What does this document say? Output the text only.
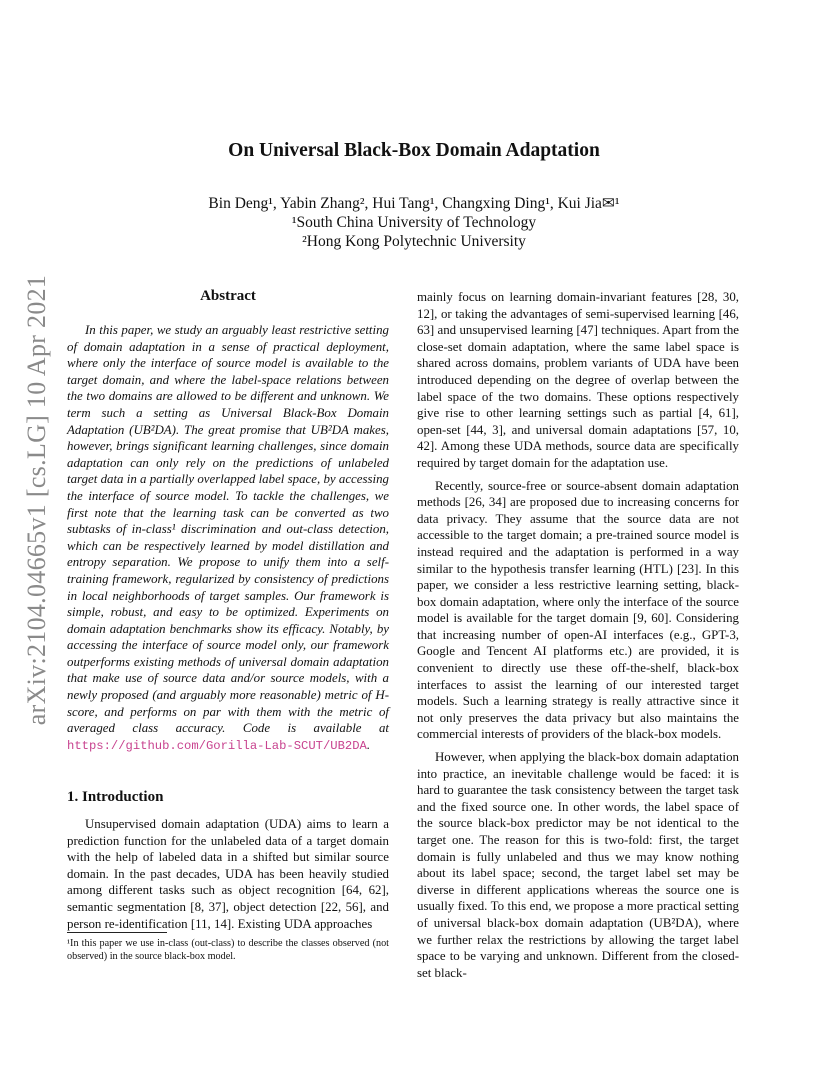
arXiv:2104.04665v1 [cs.LG] 10 Apr 2021
On Universal Black-Box Domain Adaptation
Bin Deng¹, Yabin Zhang², Hui Tang¹, Changxing Ding¹, Kui Jia✉¹
¹South China University of Technology
²Hong Kong Polytechnic University
Abstract

In this paper, we study an arguably least restrictive setting of domain adaptation in a sense of practical deployment, where only the interface of source model is available to the target domain, and where the label-space relations between the two domains are allowed to be different and unknown. We term such a setting as Universal Black-Box Domain Adaptation (UB²DA). The great promise that UB²DA makes, however, brings significant learning challenges, since domain adaptation can only rely on the predictions of unlabeled target data in a partially overlapped label space, by accessing the interface of source model. To tackle the challenges, we first note that the learning task can be converted as two subtasks of in-class¹ discrimination and out-class detection, which can be respectively learned by model distillation and entropy separation. We propose to unify them into a self-training framework, regularized by consistency of predictions in local neighborhoods of target samples. Our framework is simple, robust, and easy to be optimized. Experiments on domain adaptation benchmarks show its efficacy. Notably, by accessing the interface of source model only, our framework outperforms existing methods of universal domain adaptation that make use of source data and/or source models, with a newly proposed (and arguably more reasonable) metric of H-score, and performs on par with them with the metric of averaged class accuracy. Code is available at https://github.com/Gorilla-Lab-SCUT/UB2DA.

1. Introduction

Unsupervised domain adaptation (UDA) aims to learn a prediction function for the unlabeled data of a target domain with the help of labeled data in a shifted but similar source domain. In the past decades, UDA has been heavily studied among different tasks such as object recognition [64, 62], semantic segmentation [8, 37], object detection [22, 56], and person re-identification [11, 14]. Existing UDA approaches

¹In this paper we use in-class (out-class) to describe the classes observed (not observed) in the source black-box model.

mainly focus on learning domain-invariant features [28, 30, 12], or taking the advantages of semi-supervised learning [46, 63] and unsupervised learning [47] techniques. Apart from the close-set domain adaptation, where the same label space is shared across domains, problem variants of UDA have been introduced depending on the degree of overlap between the label space of the two domains. These options respectively give rise to other learning settings such as partial [4, 61], open-set [44, 3], and universal domain adaptations [57, 10, 42]. Among these UDA methods, source data are specifically required by target domain for the adaptation use.

Recently, source-free or source-absent domain adaptation methods [26, 34] are proposed due to increasing concerns for data privacy. They assume that the source data are not accessible to the target domain; a pre-trained source model is instead required and the adaptation is performed in a way similar to the hypothesis transfer learning (HTL) [23]. In this paper, we consider a less restrictive learning setting, black-box domain adaptation, where only the interface of the source model is available for the target domain [9, 60]. Considering that increasing number of open-AI interfaces (e.g., GPT-3, Google and Tencent AI platforms etc.) are provided, it is convenient to directly use these off-the-shelf, black-box interfaces to assist the learning of our interested target models. Such a learning strategy is really attractive since it not only preserves the data privacy but also maintains the commercial interests of providers of the black-box models.

However, when applying the black-box domain adaptation into practice, an inevitable challenge would be faced: it is hard to guarantee the task consistency between the target task and the fixed source one. In other words, the label space of the source black-box predictor may be not identical to the target one. The reason for this is two-fold: first, the target domain is fully unlabeled and thus we may know nothing about its label space; second, the target label set may be diverse in different applications whereas the source one is usually fixed. To this end, we propose a more practical setting of universal black-box domain adaptation (UB²DA), where we further relax the restrictions by allowing the target label space to be varying and unknown. Different from the closed-set black-
